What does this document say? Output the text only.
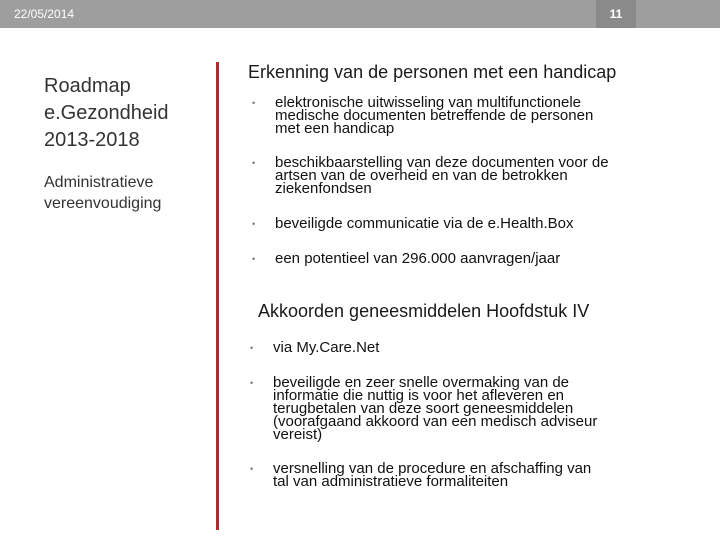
22/05/2014	11
Roadmap
e.Gezondheid
2013-2018
Administratieve
vereenvoudiging
Erkenning van de personen met een handicap
• elektronische uitwisseling van multifunctionele
medische documenten betreffende de personen
met een handicap
• beschikbaarstelling van deze documenten voor de
artsen van de overheid en van de betrokken
ziekenfondsen
• beveiligde communicatie via de e.Health.Box
• een potentieel van 296.000 aanvragen/jaar
Akkoorden geneesmiddelen Hoofdstuk IV
• via My.Care.Net
• beveiligde en zeer snelle overmaking van de
informatie die nuttig is voor het afleveren en
terugbetalen van deze soort geneesmiddelen
(voorafgaand akkoord van een medisch adviseur
vereist)
• versnelling van de procedure en afschaffing van
tal van administratieve formaliteiten
